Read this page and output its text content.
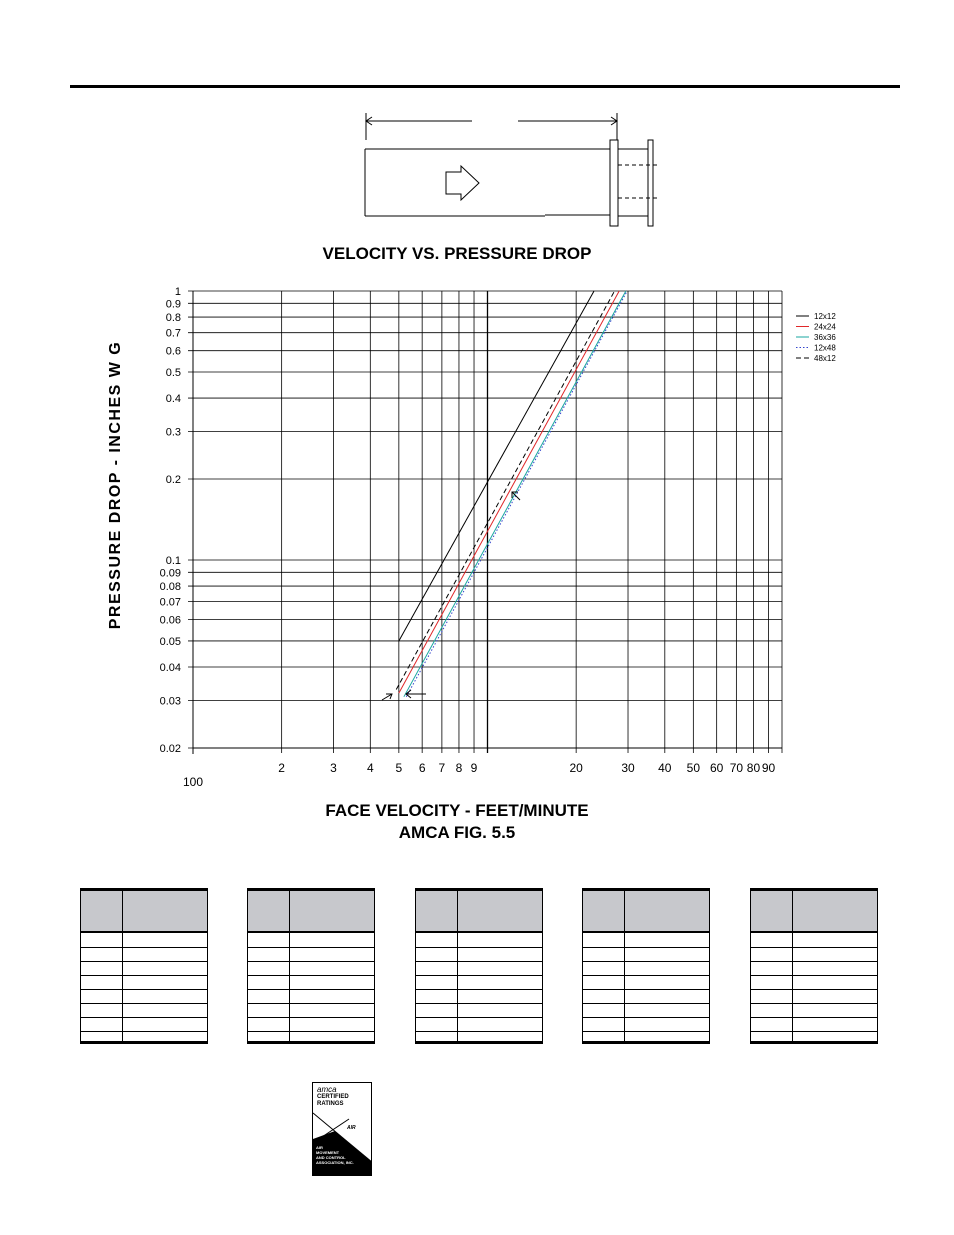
1
0.9
0.8
0.7
0.6
0.5
0.4
0.3
0.2
0.1
0.09
0.08
0.07
0.06
0.05
0.04
0.03
0.02
100
2	3	4 5 6 7 8 9	20	30 40 50 60 70 80 90
12x12
24x24
36x36
12x48
48x12
VELOCITY VS. PRESSURE DROP
PRESSURE DROP - INCHES W G
FACE VELOCITY - FEET/MINUTE
AMCA FIG. 5.5
amca
CERTIFIED
RATINGS
AIR
AIR
MOVEMENT
AND CONTROL
ASSOCIATION, INC.
